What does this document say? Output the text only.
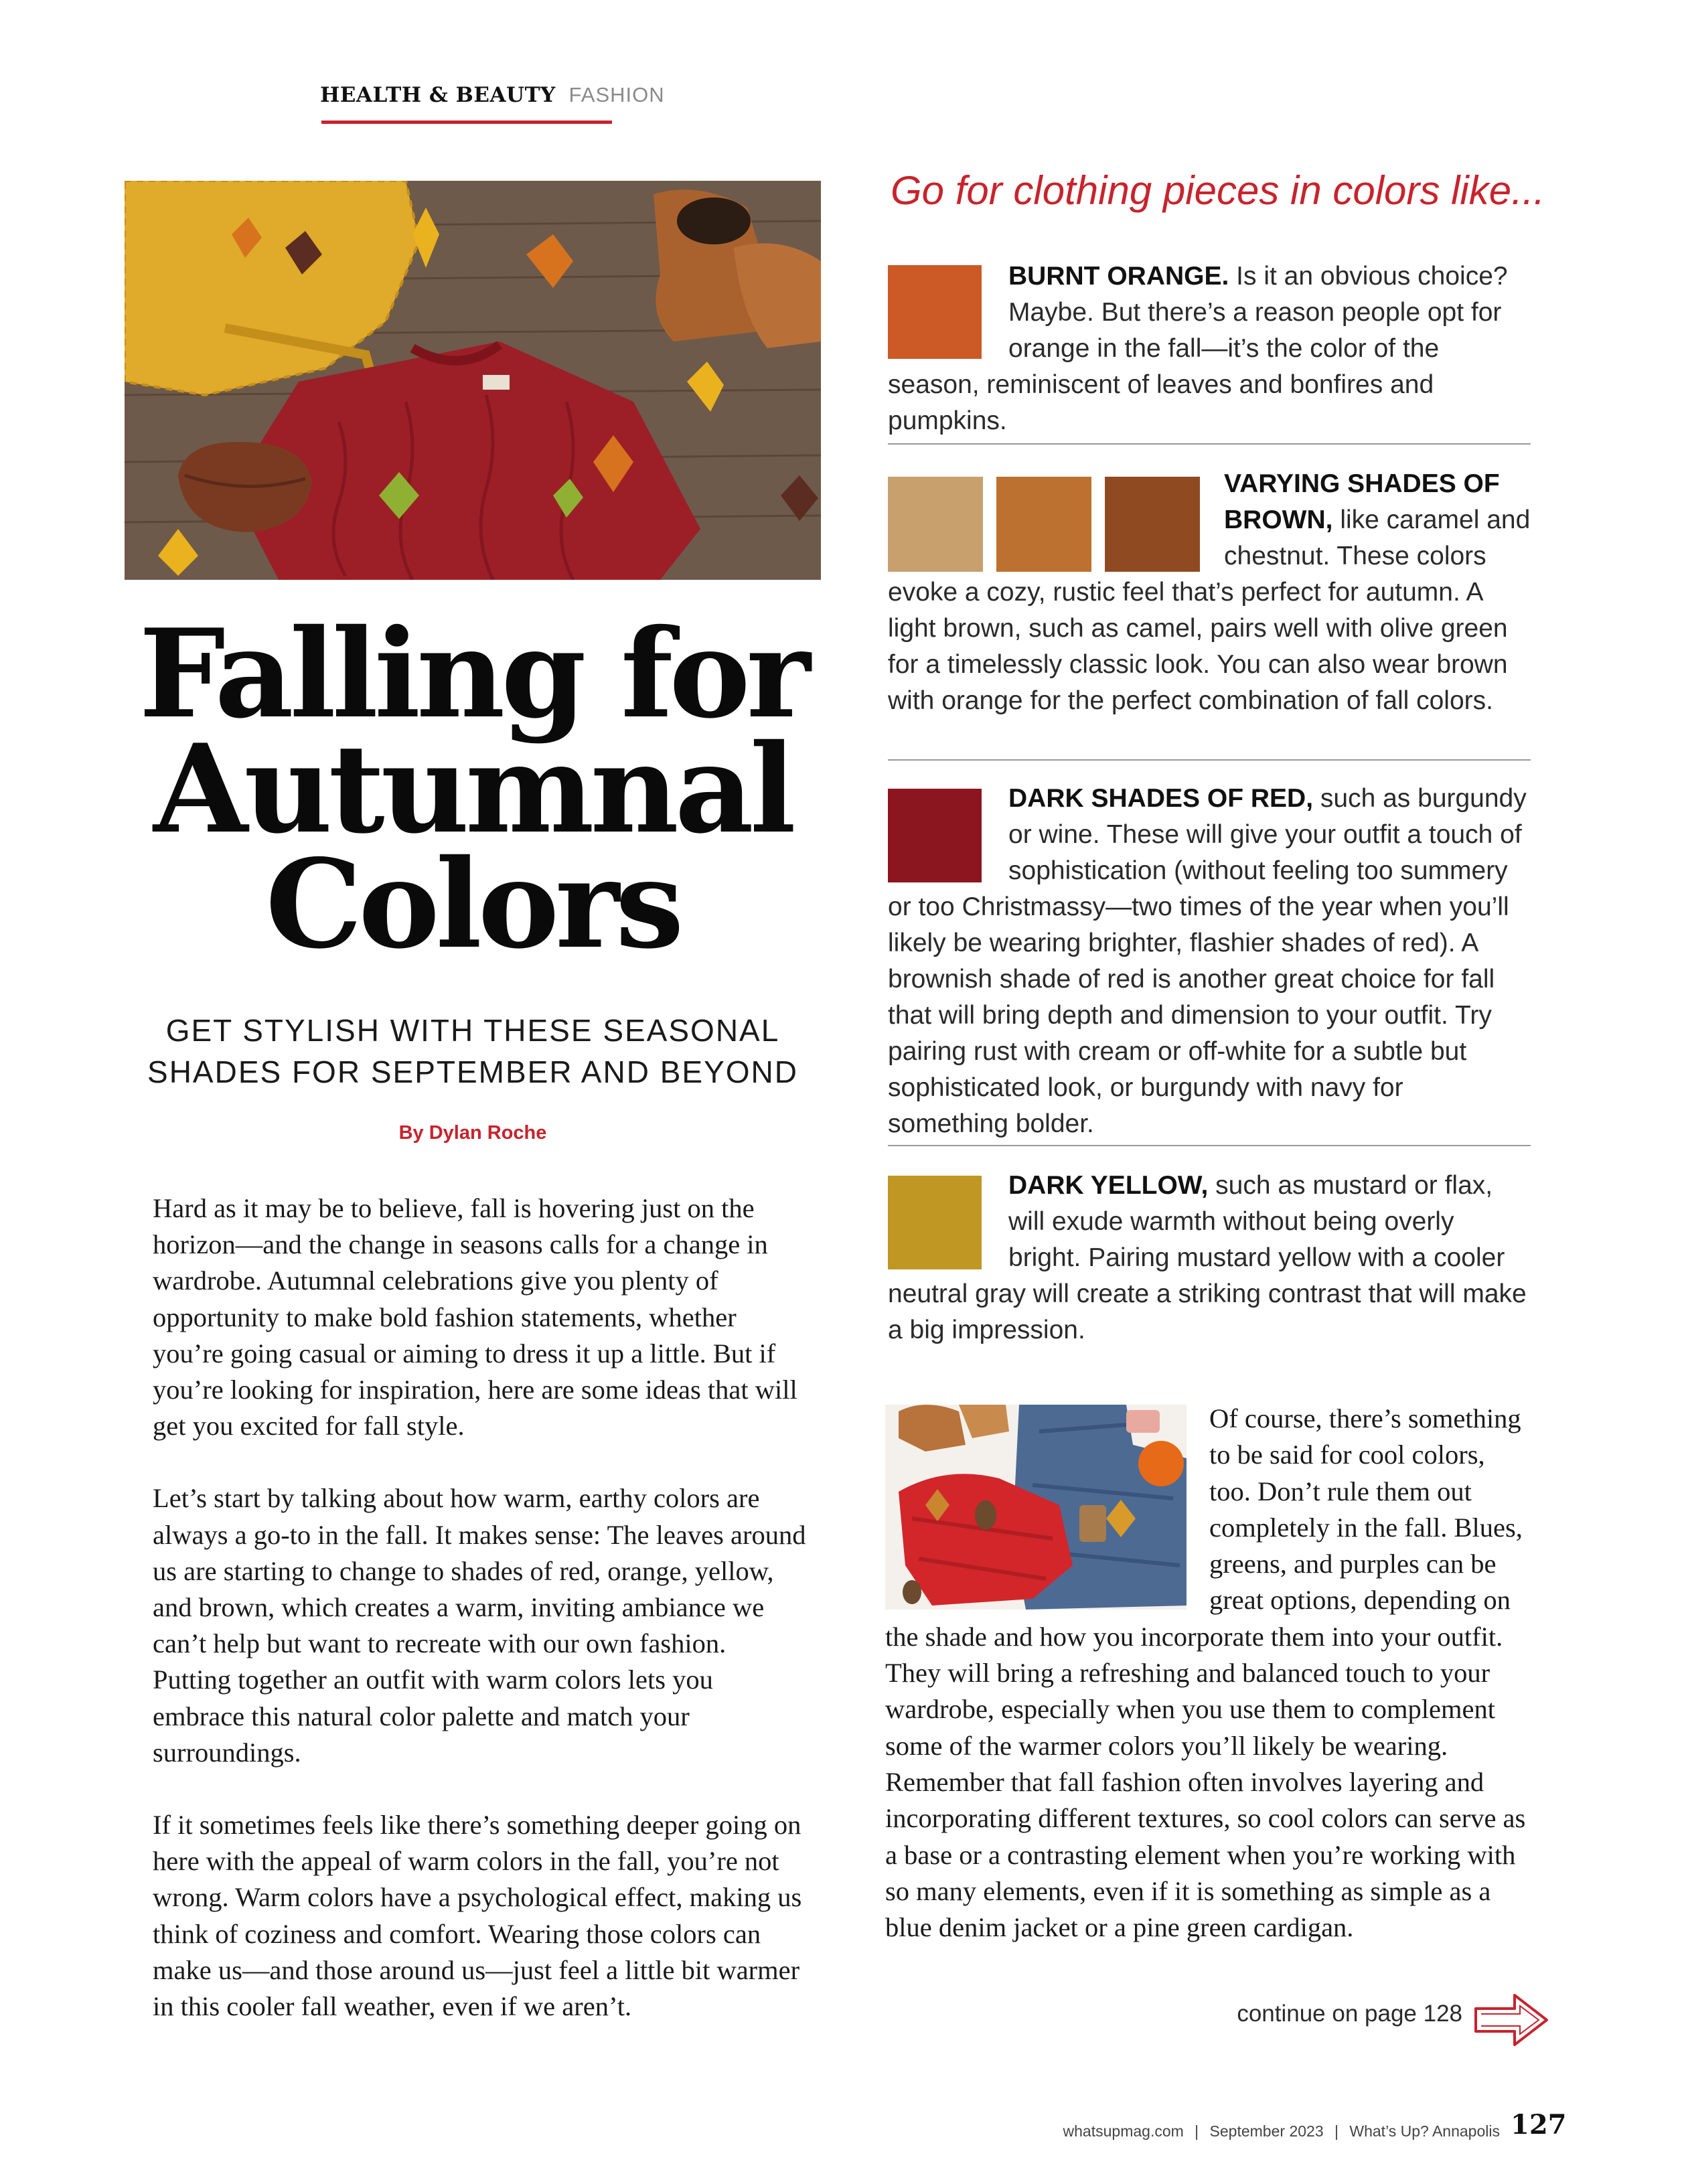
HEALTH & BEAUTY FASHION
Falling for
Autumnal
Colors
GET STYLISH WITH THESE SEASONAL
SHADES FOR SEPTEMBER AND BEYOND
By Dylan Roche

Hard as it may be to believe, fall is hovering just on the horizon—and the change in seasons calls for a change in wardrobe. Autumnal celebrations give you plenty of opportunity to make bold fashion statements, whether you’re going casual or aiming to dress it up a little. But if you’re looking for inspiration, here are some ideas that will get you excited for fall style.

Let’s start by talking about how warm, earthy colors are always a go-to in the fall. It makes sense: The leaves around us are starting to change to shades of red, orange, yellow, and brown, which creates a warm, inviting ambiance we can’t help but want to recreate with our own fashion. Putting together an outfit with warm colors lets you embrace this natural color palette and match your surroundings.

If it sometimes feels like there’s something deeper going on here with the appeal of warm colors in the fall, you’re not wrong. Warm colors have a psychological effect, making us think of coziness and comfort. Wearing those colors can make us—and those around us—just feel a little bit warmer in this cooler fall weather, even if we aren’t.

Go for clothing pieces in colors like...

BURNT ORANGE. Is it an obvious choice? Maybe. But there’s a reason people opt for orange in the fall—it’s the color of the season, reminiscent of leaves and bonfires and pumpkins.

VARYING SHADES OF BROWN, like caramel and chestnut. These colors evoke a cozy, rustic feel that’s perfect for autumn. A light brown, such as camel, pairs well with olive green for a timelessly classic look. You can also wear brown with orange for the perfect combination of fall colors.

DARK SHADES OF RED, such as burgundy or wine. These will give your outfit a touch of sophistication (without feeling too summery or too Christmassy—two times of the year when you’ll likely be wearing brighter, flashier shades of red). A brownish shade of red is another great choice for fall that will bring depth and dimension to your outfit. Try pairing rust with cream or off-white for a subtle but sophisticated look, or burgundy with navy for something bolder.

DARK YELLOW, such as mustard or flax, will exude warmth without being overly bright. Pairing mustard yellow with a cooler neutral gray will create a striking contrast that will make a big impression.

Of course, there’s something to be said for cool colors, too. Don’t rule them out completely in the fall. Blues, greens, and purples can be great options, depending on the shade and how you incorporate them into your outfit. They will bring a refreshing and balanced touch to your wardrobe, especially when you use them to complement some of the warmer colors you’ll likely be wearing. Remember that fall fashion often involves layering and incorporating different textures, so cool colors can serve as a base or a contrasting element when you’re working with so many elements, even if it is something as simple as a blue denim jacket or a pine green cardigan.

continue on page 128
whatsupmag.com | September 2023 | What’s Up? Annapolis 127
